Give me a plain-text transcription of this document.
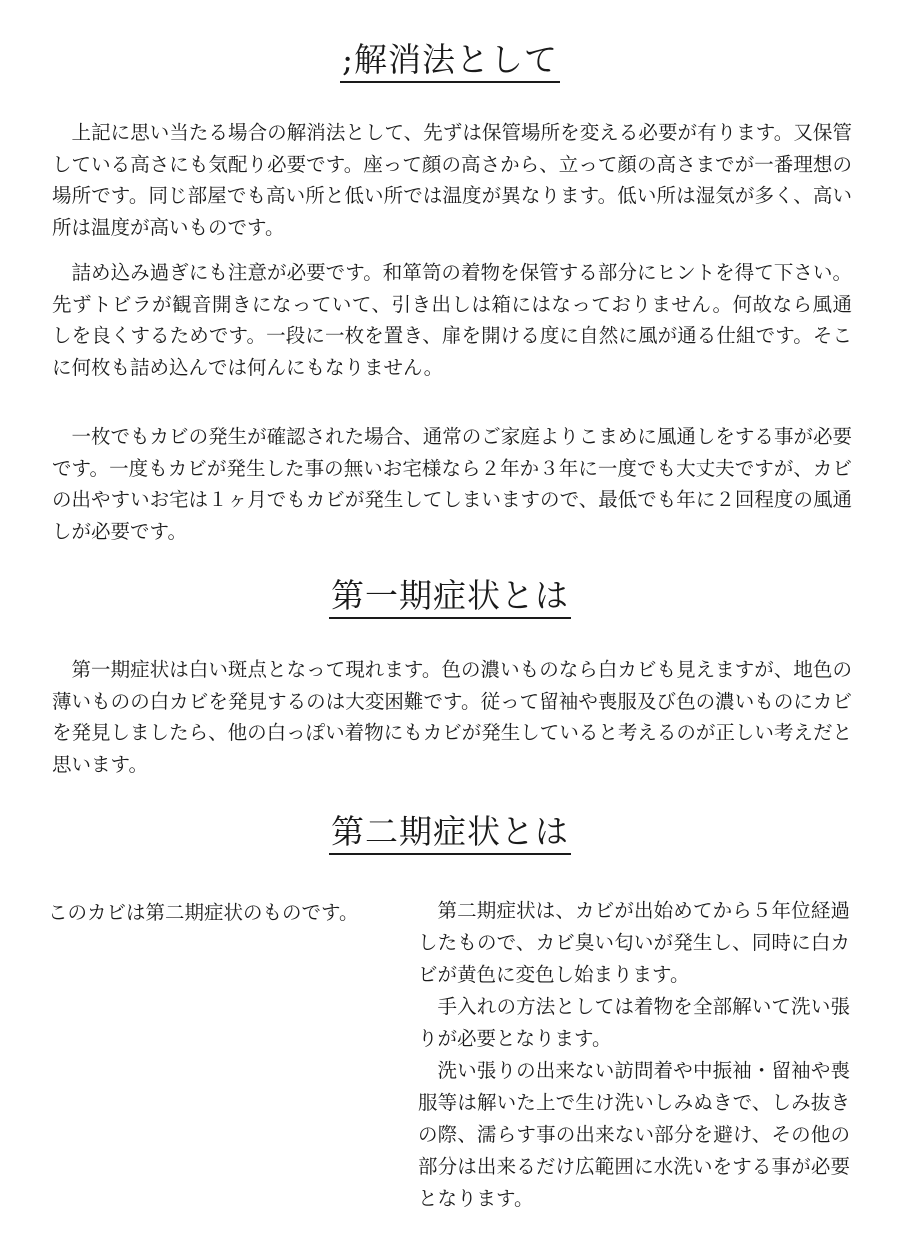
;解消法として

上記に思い当たる場合の解消法として、先ずは保管場所を変える必要が有ります。又保管している高さにも気配り必要です。座って顔の高さから、立って顔の高さまでが一番理想の場所です。同じ部屋でも高い所と低い所では温度が異なります。低い所は湿気が多く、高い所は温度が高いものです。

詰め込み過ぎにも注意が必要です。和箪笥の着物を保管する部分にヒントを得て下さい。先ずトビラが観音開きになっていて、引き出しは箱にはなっておりません。何故なら風通しを良くするためです。一段に一枚を置き、扉を開ける度に自然に風が通る仕組です。そこに何枚も詰め込んでは何んにもなりません。

一枚でもカビの発生が確認された場合、通常のご家庭よりこまめに風通しをする事が必要です。一度もカビが発生した事の無いお宅様なら２年か３年に一度でも大丈夫ですが、カビの出やすいお宅は１ヶ月でもカビが発生してしまいますので、最低でも年に２回程度の風通しが必要です。

第一期症状とは

第一期症状は白い斑点となって現れます。色の濃いものなら白カビも見えますが、地色の薄いものの白カビを発見するのは大変困難です。従って留袖や喪服及び色の濃いものにカビを発見しましたら、他の白っぽい着物にもカビが発生していると考えるのが正しい考えだと思います。

第二期症状とは

このカビは第二期症状のものです。	第二期症状は、カビが出始めてから５年位経過したもので、カビ臭い匂いが発生し、同時に白カビが黄色に変色し始まります。

手入れの方法としては着物を全部解いて洗い張りが必要となります。

洗い張りの出来ない訪問着や中振袖・留袖や喪服等は解いた上で生け洗いしみぬきで、しみ抜きの際、濡らす事の出来ない部分を避け、その他の部分は出来るだけ広範囲に水洗いをする事が必要となります。
